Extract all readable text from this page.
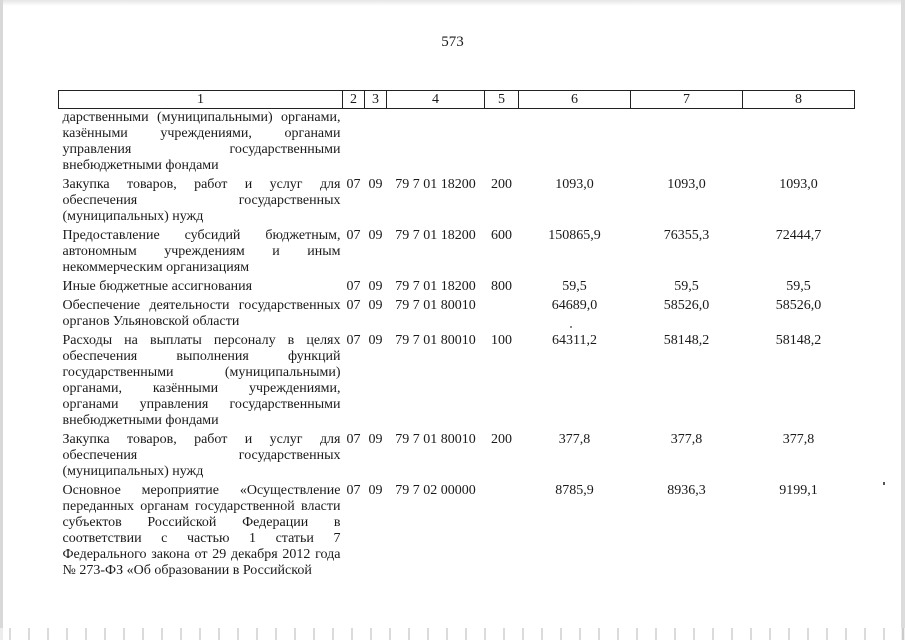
573
1	2	3	4	5	6	7	8
дарственными (муниципальными) органами, казёнными учреждениями, органами управления государственными внебюджетными фондами							
Закупка товаров, работ и услуг для обеспечения государственных (муниципальных) нужд	07	09	79 7 01 18200	200	1093,0	1093,0	1093,0
Предоставление субсидий бюджетным, автономным учреждениям и иным некоммерческим организациям	07	09	79 7 01 18200	600	150865,9	76355,3	72444,7
Иные бюджетные ассигнования	07	09	79 7 01 18200	800	59,5	59,5	59,5
Обеспечение деятельности государственных органов Ульяновской области	07	09	79 7 01 80010		64689,0	58526,0	58526,0
Расходы на выплаты персоналу в целях обеспечения выполнения функций государственными (муниципальными) органами, казёнными учреждениями, органами управления государственными внебюджетными фондами	07	09	79 7 01 80010	100	64311,2	58148,2	58148,2
Закупка товаров, работ и услуг для обеспечения государственных (муниципальных) нужд	07	09	79 7 01 80010	200	377,8	377,8	377,8
Основное мероприятие «Осуществление переданных органам государственной власти субъектов Российской Федерации в соответствии с частью 1 статьи 7 Федерального закона от 29 декабря 2012 года № 273-ФЗ «Об образовании в Российской	07	09	79 7 02 00000		8785,9	8936,3	9199,1
